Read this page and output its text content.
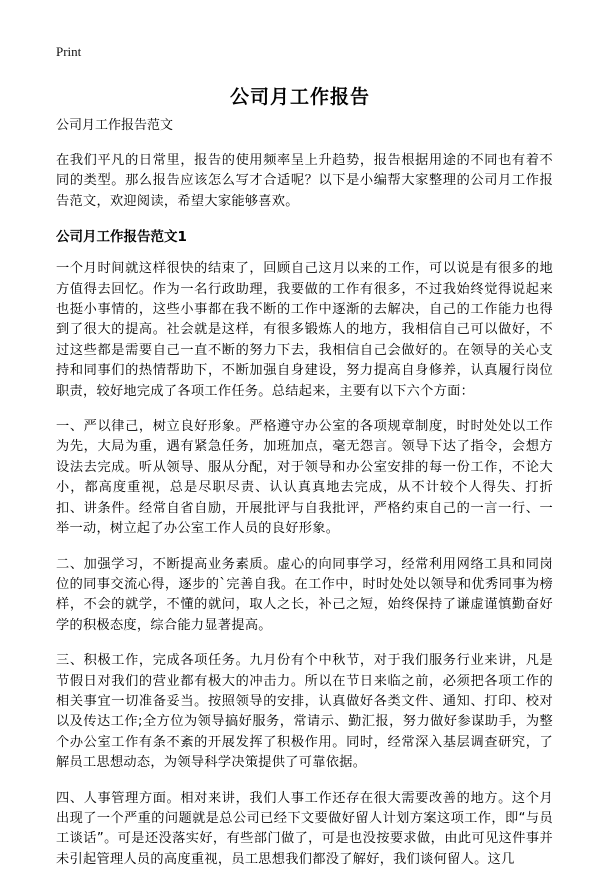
Print
公司月工作报告

公司月工作报告范文

在我们平凡的日常里，报告的使用频率呈上升趋势，报告根据用途的不同也有着不同的类型。那么报告应该怎么写才合适呢？以下是小编帮大家整理的公司月工作报告范文，欢迎阅读，希望大家能够喜欢。

公司月工作报告范文1

一个月时间就这样很快的结束了，回顾自己这月以来的工作，可以说是有很多的地方值得去回忆。作为一名行政助理，我要做的工作有很多，不过我始终觉得说起来也挺小事情的，这些小事都在我不断的工作中逐渐的去解决，自己的工作能力也得到了很大的提高。社会就是这样，有很多锻炼人的地方，我相信自己可以做好，不过这些都是需要自己一直不断的努力下去，我相信自己会做好的。在领导的关心支持和同事们的热情帮助下，不断加强自身建设，努力提高自身修养，认真履行岗位职责，较好地完成了各项工作任务。总结起来，主要有以下六个方面：

一、严以律己，树立良好形象。严格遵守办公室的各项规章制度，时时处处以工作为先，大局为重，遇有紧急任务，加班加点，毫无怨言。领导下达了指令，会想方设法去完成。听从领导、服从分配，对于领导和办公室安排的每一份工作，不论大小，都高度重视，总是尽职尽责、认认真真地去完成，从不计较个人得失、打折扣、讲条件。经常自省自励，开展批评与自我批评，严格约束自己的一言一行、一举一动，树立起了办公室工作人员的良好形象。

二、加强学习，不断提高业务素质。虚心的向同事学习，经常利用网络工具和同岗位的同事交流心得，逐步的`完善自我。在工作中，时时处处以领导和优秀同事为榜样，不会的就学，不懂的就问，取人之长，补己之短，始终保持了谦虚谨慎勤奋好学的积极态度，综合能力显著提高。

三、积极工作，完成各项任务。九月份有个中秋节，对于我们服务行业来讲，凡是节假日对我们的营业都有极大的冲击力。所以在节日来临之前，必须把各项工作的相关事宜一切准备妥当。按照领导的安排，认真做好各类文件、通知、打印、校对以及传达工作;全方位为领导搞好服务，常请示、勤汇报，努力做好参谋助手，为整个办公室工作有条不紊的开展发挥了积极作用。同时，经常深入基层调查研究，了解员工思想动态，为领导科学决策提供了可靠依据。

四、人事管理方面。相对来讲，我们人事工作还存在很大需要改善的地方。这个月出现了一个严重的问题就是总公司已经下文要做好留人计划方案这项工作，即“与员工谈话”。可是还没落实好，有些部门做了，可是也没按要求做，由此可见这件事并未引起管理人员的高度重视，员工思想我们都没了解好，我们谈何留人。这几
